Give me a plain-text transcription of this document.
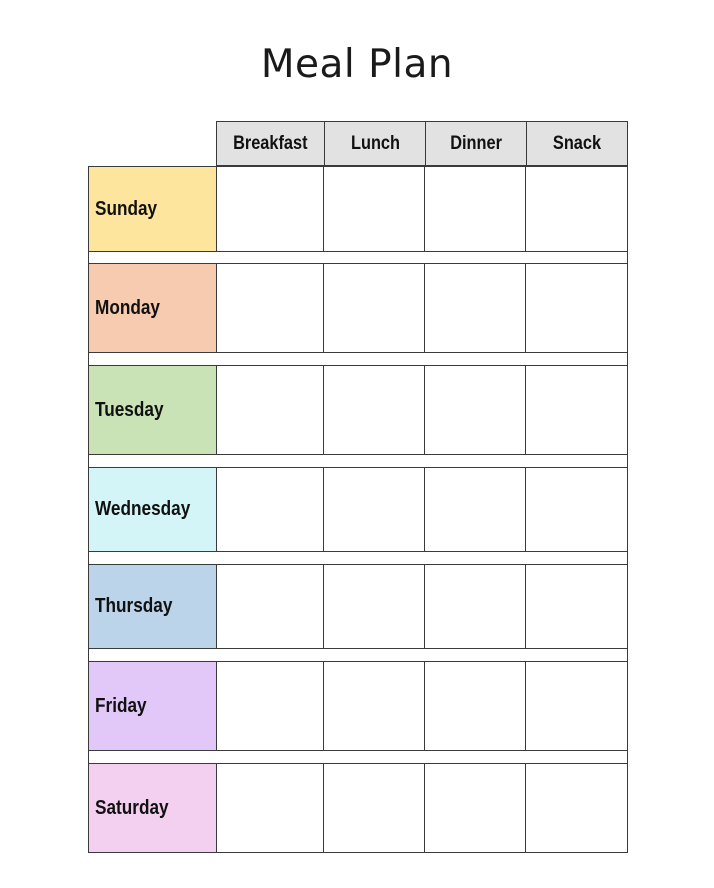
Meal Plan
Breakfast Lunch	Dinner	Snack
Sunday
Monday
Tuesday
Wednesday
Thursday
Friday
Saturday
